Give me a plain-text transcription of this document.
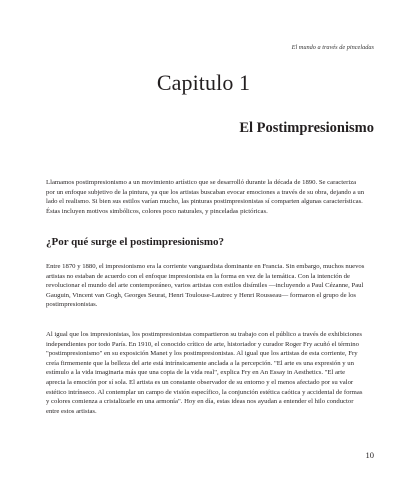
El mundo a través de pinceladas
Capitulo 1
El Postimpresionismo

Llamamos postimpresionismo a un movimiento artístico que se desarrolló durante la década de 1890. Se caracteriza por un enfoque subjetivo de la pintura, ya que los artistas buscaban evocar emociones a través de su obra, dejando a un lado el realismo. Si bien sus estilos varían mucho, las pinturas postimpresionistas sí comparten algunas características. Éstas incluyen motivos simbólicos, colores poco naturales, y pinceladas pictóricas.

¿Por qué surge el postimpresionismo?

Entre 1870 y 1880, el impresionismo era la corriente vanguardista dominante en Francia. Sin embargo, muchos nuevos artistas no estaban de acuerdo con el enfoque impresionista en la forma en vez de la temática. Con la intención de revolucionar el mundo del arte contemporáneo, varios artistas con estilos disímiles —incluyendo a Paul Cézanne, Paul Gauguin, Vincent van Gogh, Georges Seurat, Henri Toulouse-Lautrec y Henri Rousseau— formaron el grupo de los postimpresionistas.

Al igual que los impresionistas, los postimpresionistas compartieron su trabajo con el público a través de exhibiciones independientes por todo París. En 1910, el conocido crítico de arte, historiador y curador Roger Fry acuñó el término "postimpresionismo" en su exposición Manet y los postimpresionistas. Al igual que los artistas de esta corriente, Fry creía firmemente que la belleza del arte está intrínsicamente anclada a la percepción. "El arte es una expresión y un estímulo a la vida imaginaria más que una copia de la vida real", explica Fry en An Essay in Aesthetics. "El arte aprecia la emoción por sí sola. El artista es un constante observador de su entorno y el menos afectado por su valor estético intrínseco. Al contemplar un campo de visión específico, la conjunción estética caótica y accidental de formas y colores comienza a cristalizarle en una armonía". Hoy en día, estas ideas nos ayudan a entender el hilo conductor entre estos artistas.

10
